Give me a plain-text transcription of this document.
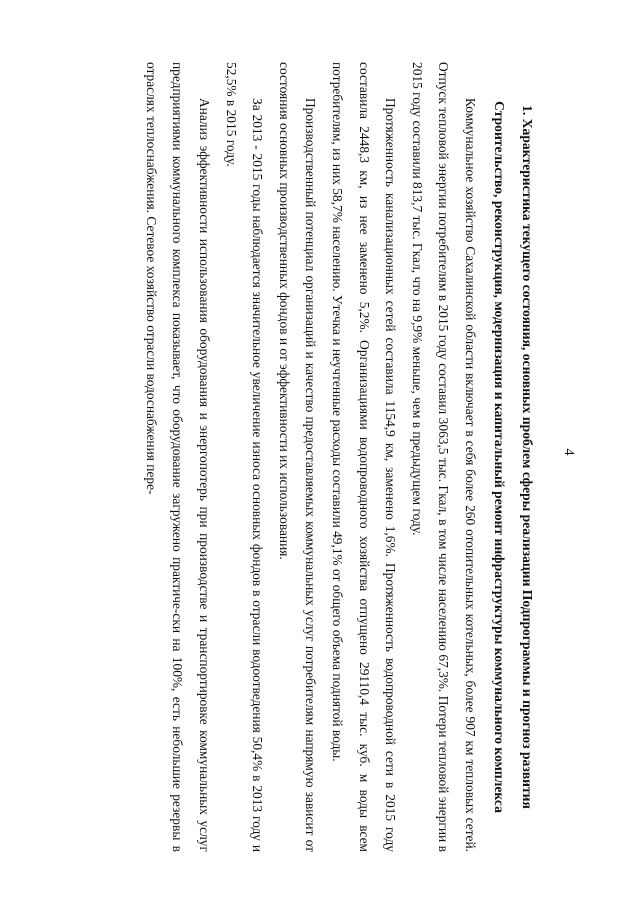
4
1. Характеристика текущего состояния, основных проблем сферы реализации Подпрограммы и прогноз развития
Строительство, реконструкция, модернизация и капитальный ремонт инфраструктуры коммунального комплекса

Коммунальное хозяйство Сахалинской области включает в себя более 260 отопительных котельных, более 907 км тепловых сетей. Отпуск тепловой энергии потребителям в 2015 году составил 3063,5 тыс. Гкал, в том числе населению 67,3%. Потери тепловой энергии в 2015 году составили 813,7 тыс. Гкал, что на 9,9% меньше, чем в предыдущем году.

Протяженность канализационных сетей составила 1154,9 км, заменено 1,6%. Протяженность водопроводной сети в 2015 году составила 2448,3 км, из нее заменено 5,2%. Организациями водопроводного хозяйства отпущено 29110,4 тыс. куб. м воды всем потребителям, из них 58,7% населению. Утечка и неучтенные расходы составили 49,1% от общего объема поднятой воды.

Производственный потенциал организаций и качество предоставляемых коммунальных услуг потребителям напрямую зависит от состояния основных производственных фондов и от эффективности их использования.

За 2013 - 2015 годы наблюдается значительное увеличение износа основных фондов в отрасли водоотведения 50,4% в 2013 году и 52,5% в 2015 году.

Анализ эффективности использования оборудования и энергопотерь при производстве и транспортировке коммунальных услуг предприятиями коммунального комплекса показывает, что оборудование загружено практиче-ски на 100%, есть небольшие резервы в отраслях теплоснабжения. Сетевое хозяйство отрасли водоснабжения пере-
